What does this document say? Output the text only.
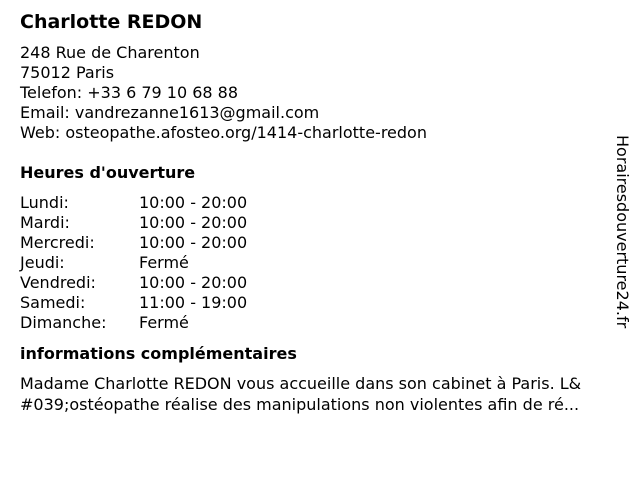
Charlotte REDON
248 Rue de Charenton
75012 Paris
Telefon: +33 6 79 10 68 88
Email: vandrezanne1613@gmail.com
Web: osteopathe.afosteo.org/1414-charlotte-redon
Heures d'ouverture
Lundi:	10:00 - 20:00
Mardi:	10:00 - 20:00
Mercredi:	10:00 - 20:00
Jeudi:	Fermé
Vendredi:	10:00 - 20:00
Samedi:	11:00 - 19:00
Dimanche:	Fermé
informations complémentaires
Madame Charlotte REDON vous accueille dans son cabinet à Paris. L&
#039;ostéopathe réalise des manipulations non violentes afin de ré...
Horairesdouverture24.fr
